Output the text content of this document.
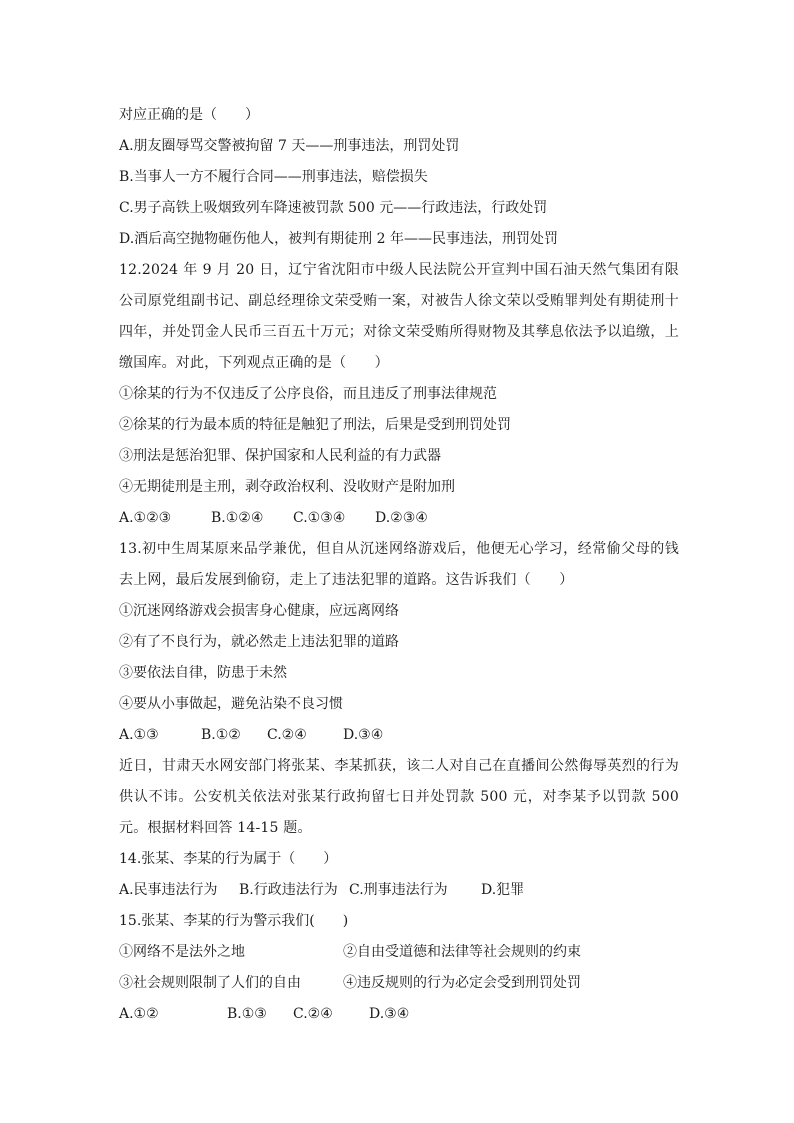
对应正确的是（　　）
A.朋友圈辱骂交警被拘留 7 天——刑事违法，刑罚处罚
B.当事人一方不履行合同——刑事违法，赔偿损失
C.男子高铁上吸烟致列车降速被罚款 500 元——行政违法，行政处罚
D.酒后高空抛物砸伤他人，被判有期徒刑 2 年——民事违法，刑罚处罚
12.2024 年 9 月 20 日，辽宁省沈阳市中级人民法院公开宣判中国石油天然气集团有限公司原党组副书记、副总经理徐文荣受贿一案，对被告人徐文荣以受贿罪判处有期徒刑十四年，并处罚金人民币三百五十万元；对徐文荣受贿所得财物及其孳息依法予以追缴，上缴国库。对此，下列观点正确的是（　　）
①徐某的行为不仅违反了公序良俗，而且违反了刑事法律规范
②徐某的行为最本质的特征是触犯了刑法，后果是受到刑罚处罚
③刑法是惩治犯罪、保护国家和人民利益的有力武器
④无期徒刑是主刑，剥夺政治权利、没收财产是附加刑
A.①②③	B.①②④ C.①③④ D.②③④
13.初中生周某原来品学兼优，但自从沉迷网络游戏后，他便无心学习，经常偷父母的钱去上网，最后发展到偷窃，走上了违法犯罪的道路。这告诉我们（　　）
①沉迷网络游戏会损害身心健康，应远离网络
②有了不良行为，就必然走上违法犯罪的道路
③要依法自律，防患于未然
④要从小事做起，避免沾染不良习惯
A.①③	B.①② C.②④	D.③④
近日，甘肃天水网安部门将张某、李某抓获，该二人对自己在直播间公然侮辱英烈的行为供认不讳。公安机关依法对张某行政拘留七日并处罚款 500 元，对李某予以罚款 500 元。根据材料回答 14-15 题。
14.张某、李某的行为属于（　　）
A.民事违法行为 B.行政违法行为 C.刑事违法行为 D.犯罪
15.张某、李某的行为警示我们(　　)
①网络不是法外之地	②自由受道德和法律等社会规则的约束
③社会规则限制了人们的自由	④违反规则的行为必定会受到刑罚处罚
A.①②	B.①③ C.②④	D.③④
